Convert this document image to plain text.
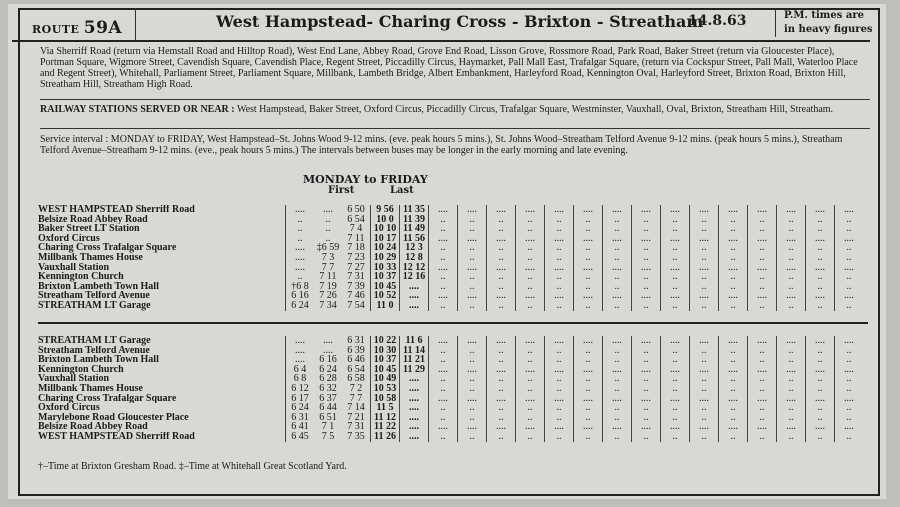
ROUTE 59A	West Hampstead- Charing Cross - Brixton - Streatham
14.8.63	P.M. times are
in heavy figures
Via Sherriff Road (return via Hemstall Road and Hilltop Road), West End Lane, Abbey Road, Grove End Road, Lisson Grove, Rossmore Road, Park Road, Baker Street (return via Gloucester Place), Portman Square, Wigmore Street, Cavendish Square, Cavendish Place, Regent Street, Piccadilly Circus, Haymarket, Pall Mall East, Trafalgar Square, (return via Cockspur Street, Pall Mall, Waterloo Place and Regent Street), Whitehall, Parliament Street, Parliament Square, Millbank, Lambeth Bridge, Albert Embankment, Harleyford Road, Kennington Oval, Harleyford Street, Brixton Road, Brixton Hill, Streatham Hill, Streatham High Road.
RAILWAY STATIONS SERVED OR NEAR : West Hampstead, Baker Street, Oxford Circus, Piccadilly Circus, Trafalgar Square, Westminster, Vauxhall, Oval, Brixton, Streatham Hill, Streatham.
Service interval : MONDAY to FRIDAY, West Hampstead–St. Johns Wood 9-12 mins. (eve. peak hours 5 mins.), St. Johns Wood–Streatham Telford Avenue 9-12 mins. (peak hours 5 mins.), Streatham Telford Avenue–Streatham 9-12 mins. (eve., peak hours 5 mins.) The intervals between buses may be longer in the early morning and late evening.
MONDAY to FRIDAY
First	Last
WEST HAMPSTEAD Sherriff Road	....	....	6 50	9 56	11 35	....	....	....	....	....	....	....	....	....	....	....	....	....	....	....
Belsize Road Abbey Road	..	..	6 54	10 0	11 39	..	..	..	..	..	..	..	..	..	..	..	..	..	..	..
Baker Street LT Station	..	..	7 4	10 10	11 49	..	..	..	..	..	..	..	..	..	..	..	..	..	..	..
Oxford Circus	..	..	7 11	10 17	11 56	....	....	....	....	....	....	....	....	....	....	....	....	....	....	....
Charing Cross Trafalgar Square	....	‡6 59	7 18	10 24	12 3	..	..	..	..	..	..	..	..	..	..	..	..	..	..	..
Millbank Thames House	....	7 3	7 23	10 29	12 8	..	..	..	..	..	..	..	..	..	..	..	..	..	..	..
Vauxhall Station	....	7 7	7 27	10 33	12 12	....	....	....	....	....	....	....	....	....	....	....	....	....	....	....
Kennington Church	..	7 11	7 31	10 37	12 16	..	..	..	..	..	..	..	..	..	..	..	..	..	..	..
Brixton Lambeth Town Hall	†6 8	7 19	7 39	10 45	....	..	..	..	..	..	..	..	..	..	..	..	..	..	..	..
Streatham Telford Avenue	6 16	7 26	7 46	10 52	....	....	....	....	....	....	....	....	....	....	....	....	....	....	....	....
STREATHAM LT Garage	6 24	7 34	7 54	11 0	....	..	..	..	..	..	..	..	..	..	..	..	..	..	..	..
STREATHAM LT Garage	....	....	6 31	10 22	11 6	....	....	....	....	....	....	....	....	....	....	....	....	....	....	....
Streatham Telford Avenue	....	....	6 39	10 30	11 14	..	..	..	..	..	..	..	..	..	..	..	..	..	..	..
Brixton Lambeth Town Hall	....	6 16	6 46	10 37	11 21	..	..	..	..	..	..	..	..	..	..	..	..	..	..	..
Kennington Church	6 4	6 24	6 54	10 45	11 29	....	....	....	....	....	....	....	....	....	....	....	....	....	....	....
Vauxhall Station	6 8	6 28	6 58	10 49	....	..	..	..	..	..	..	..	..	..	..	..	..	..	..	..
Millbank Thames House	6 12	6 32	7 2	10 53	....	..	..	..	..	..	..	..	..	..	..	..	..	..	..	..
Charing Cross Trafalgar Square	6 17	6 37	7 7	10 58	....	....	....	....	....	....	....	....	....	....	....	....	....	....	....	....
Oxford Circus	6 24	6 44	7 14	11 5	....	..	..	..	..	..	..	..	..	..	..	..	..	..	..	..
Marylebone Road Gloucester Place	6 31	6 51	7 21	11 12	....	..	..	..	..	..	..	..	..	..	..	..	..	..	..	..
Belsize Road Abbey Road	6 41	7 1	7 31	11 22	....	....	....	....	....	....	....	....	....	....	....	....	....	....	....	....
WEST HAMPSTEAD Sherriff Road	6 45	7 5	7 35	11 26	....	..	..	..	..	..	..	..	..	..	..	..	..	..	..	..
†–Time at Brixton Gresham Road. ‡–Time at Whitehall Great Scotland Yard.
